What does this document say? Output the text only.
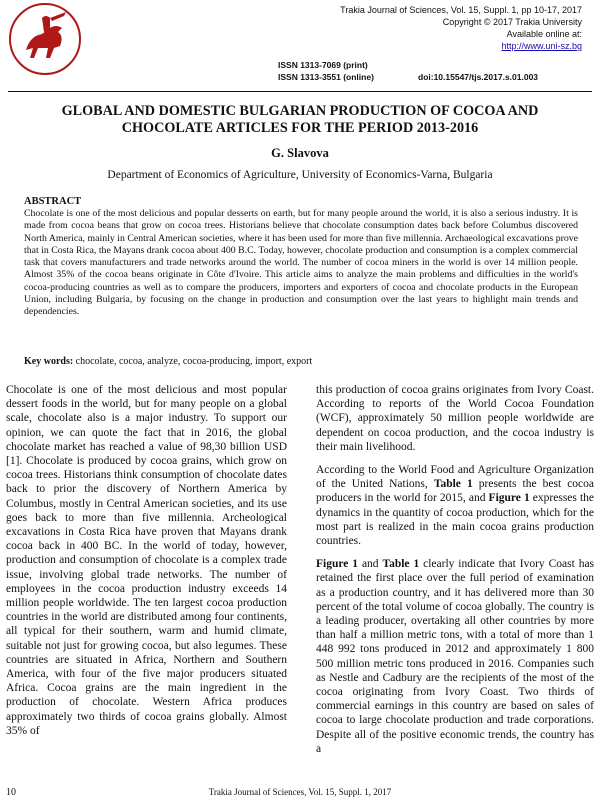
Trakia Journal of Sciences, Vol. 15, Suppl. 1, pp 10-17, 2017
Copyright © 2017 Trakia University
Available online at:
http://www.uni-sz.bg
ISSN 1313-7069 (print)
ISSN 1313-3551 (online)	doi:10.15547/tjs.2017.s.01.003
GLOBAL AND DOMESTIC BULGARIAN PRODUCTION OF COCOA AND CHOCOLATE ARTICLES FOR THE PERIOD 2013-2016
G. Slavova
Department of Economics of Agriculture, University of Economics-Varna, Bulgaria
ABSTRACT
Chocolate is one of the most delicious and popular desserts on earth, but for many people around the world, it is also a serious industry. It is made from cocoa beans that grow on cocoa trees. Historians believe that chocolate consumption dates back before Columbus discovered North America, mainly in Central American societies, where it has been used for more than five millennia. Archaeological excavations prove that in Costa Rica, the Mayans drank cocoa about 400 B.C. Today, however, chocolate production and consumption is a complex commercial task that covers manufacturers and trade networks around the world. The number of cocoa miners in the world is over 14 million people. Almost 35% of the cocoa beans originate in Côte d'Ivoire. This article aims to analyze the main problems and difficulties in the world's cocoa-producing countries as well as to compare the producers, importers and exporters of cocoa and chocolate products in the European Union, including Bulgaria, by focusing on the change in production and consumption over the last years to highlight main trends and dependencies.
Key words: chocolate, cocoa, analyze, cocoa-producing, import, export

Chocolate is one of the most delicious and most popular dessert foods in the world, but for many people on a global scale, chocolate also is a major industry. To support our opinion, we can quote the fact that in 2016, the global chocolate market has reached a value of 98,30 billion USD [1]. Chocolate is produced by cocoa grains, which grow on cocoa trees. Historians think consumption of chocolate dates back to prior the discovery of Northern America by Columbus, mostly in Central American societies, and its use goes back to more than five millennia. Archeological excavations in Costa Rica have proven that Mayans drank cocoa back in 400 BC. In the world of today, however, production and consumption of chocolate is a complex trade issue, involving global trade networks. The number of employees in the cocoa production industry exceeds 14 million people worldwide. The ten largest cocoa production countries in the world are distributed among four continents, all typical for their southern, warm and humid climate, suitable not just for growing cocoa, but also legumes. These countries are situated in Africa, Northern and Southern America, with four of the five major producers situated Africa. Cocoa grains are the main ingredient in the production of chocolate. Western Africa produces approximately two thirds of cocoa grains globally. Almost 35% of

this production of cocoa grains originates from Ivory Coast. According to reports of the World Cocoa Foundation (WCF), approximately 50 million people worldwide are dependent on cocoa production, and the cocoa industry is their main livelihood.

According to the World Food and Agriculture Organization of the United Nations, Table 1 presents the best cocoa producers in the world for 2015, and Figure 1 expresses the dynamics in the quantity of cocoa production, which for the most part is realized in the main cocoa grains production countries.

Figure 1 and Table 1 clearly indicate that Ivory Coast has retained the first place over the full period of examination as a production country, and it has delivered more than 30 percent of the total volume of cocoa globally. The country is a leading producer, overtaking all other countries by more than half a million metric tons, with a total of more than 1 448 992 tons produced in 2012 and approximately 1 800 500 million metric tons produced in 2016. Companies such as Nestle and Cadbury are the recipients of the most of the cocoa originating from Ivory Coast. Two thirds of commercial earnings in this country are based on sales of cocoa to large chocolate production and trade corporations. Despite all of the positive economic trends, the country has a

10	Trakia Journal of Sciences, Vol. 15, Suppl. 1, 2017
